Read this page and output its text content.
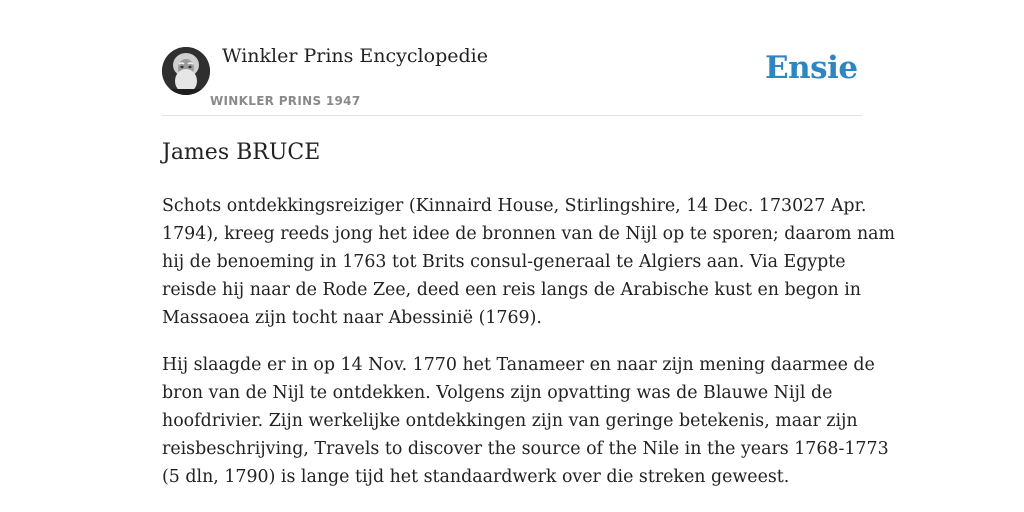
Winkler Prins Encyclopedie
WINKLER PRINS 1947
Ensie
James BRUCE

Schots ontdekkingsreiziger (Kinnaird House, Stirlingshire, 14 Dec. 173027 Apr.
1794), kreeg reeds jong het idee de bronnen van de Nijl op te sporen; daarom nam
hij de benoeming in 1763 tot Brits consul-generaal te Algiers aan. Via Egypte
reisde hij naar de Rode Zee, deed een reis langs de Arabische kust en begon in
Massaoea zijn tocht naar Abessinië (1769).

Hij slaagde er in op 14 Nov. 1770 het Tanameer en naar zijn mening daarmee de
bron van de Nijl te ontdekken. Volgens zijn opvatting was de Blauwe Nijl de
hoofdrivier. Zijn werkelijke ontdekkingen zijn van geringe betekenis, maar zijn
reisbeschrijving, Travels to discover the source of the Nile in the years 1768-1773
(5 dln, 1790) is lange tijd het standaardwerk over die streken geweest.
